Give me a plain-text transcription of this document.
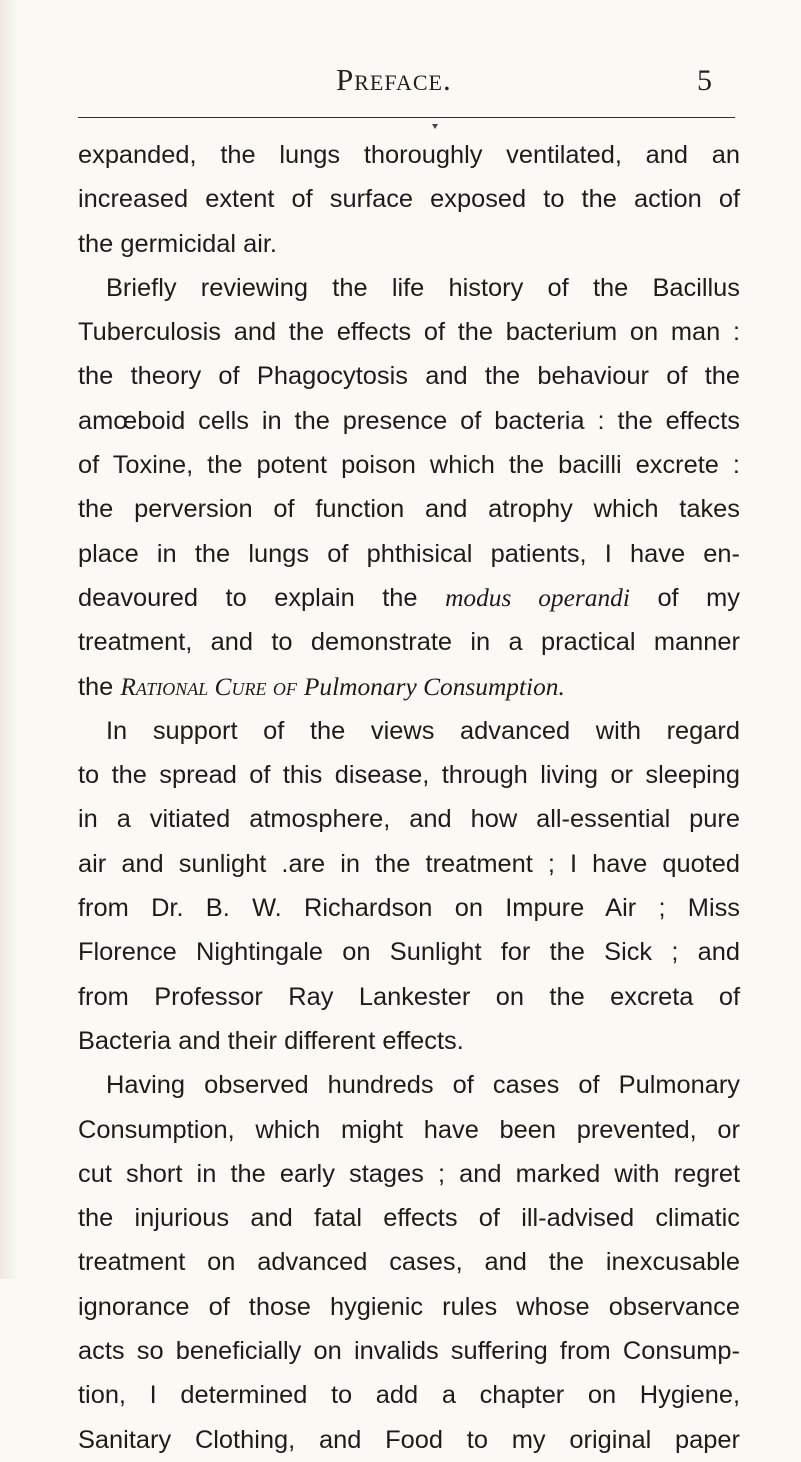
Preface.	5
expanded, the lungs thoroughly ventilated, and an
increased extent of surface exposed to the action of
the germicidal air.
Briefly reviewing the life history of the Bacillus
Tuberculosis and the effects of the bacterium on man :
the theory of Phagocytosis and the behaviour of the
amœboid cells in the presence of bacteria : the effects
of Toxine, the potent poison which the bacilli excrete :
the perversion of function and atrophy which takes
place in the lungs of phthisical patients, I have en-
deavoured to explain the modus operandi of my
treatment, and to demonstrate in a practical manner
the Rational Cure of Pulmonary Consumption.
In support of the views advanced with regard
to the spread of this disease, through living or sleeping
in a vitiated atmosphere, and how all-essential pure
air and sunlight .are in the treatment ; I have quoted
from Dr. B. W. Richardson on Impure Air ; Miss
Florence Nightingale on Sunlight for the Sick ; and
from Professor Ray Lankester on the excreta of
Bacteria and their different effects.
Having observed hundreds of cases of Pulmonary
Consumption, which might have been prevented, or
cut short in the early stages ; and marked with regret
the injurious and fatal effects of ill-advised climatic
treatment on advanced cases, and the inexcusable
ignorance of those hygienic rules whose observance
acts so beneficially on invalids suffering from Consump-
tion, I determined to add a chapter on Hygiene,
Sanitary Clothing, and Food to my original paper
